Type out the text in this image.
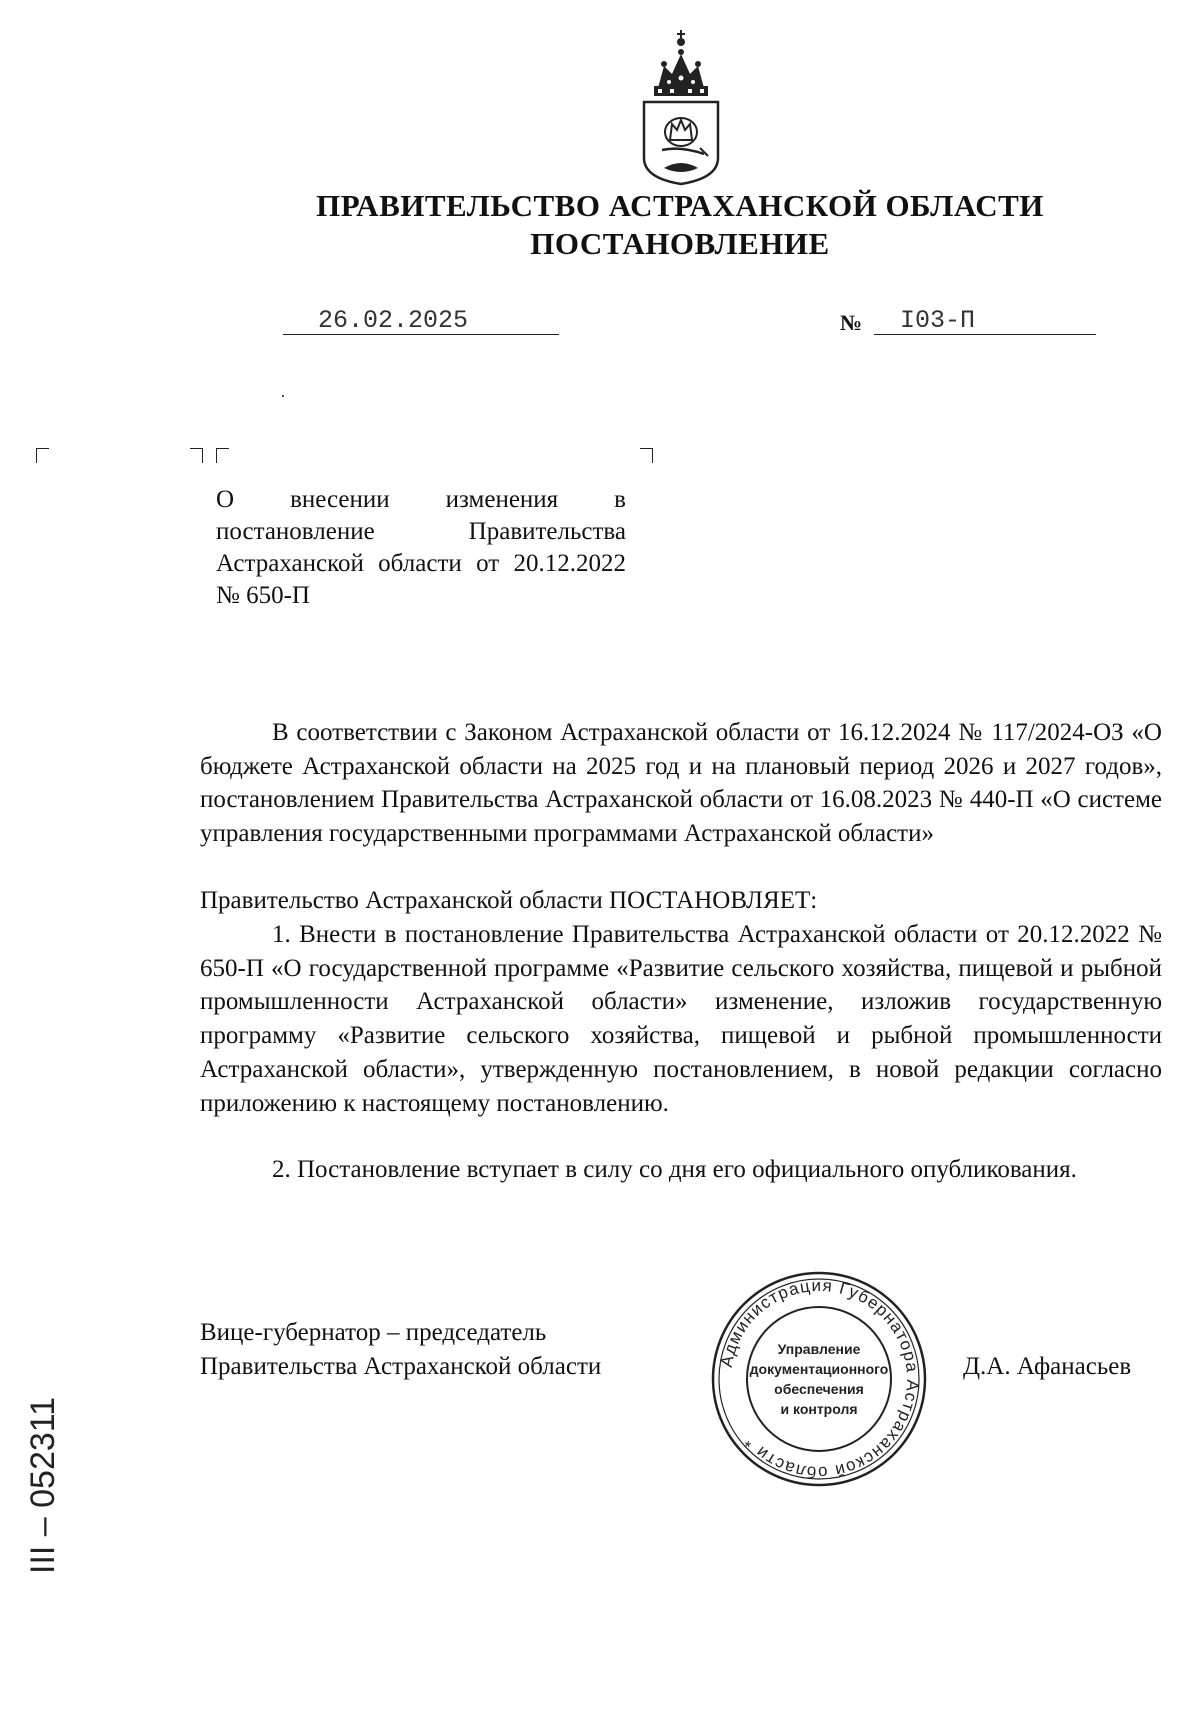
ПРАВИТЕЛЬСТВО АСТРАХАНСКОЙ ОБЛАСТИ
ПОСТАНОВЛЕНИЕ
26.02.2025	№ I03-П
О внесении изменения в постановление Правительства Астраханской области от 20.12.2022 № 650-П
В соответствии с Законом Астраханской области от 16.12.2024 № 117/2024-ОЗ «О бюджете Астраханской области на 2025 год и на плановый период 2026 и 2027 годов», постановлением Правительства Астраханской области от 16.08.2023 № 440-П «О системе управления государственными программами Астраханской области»
Правительство Астраханской области ПОСТАНОВЛЯЕТ:
1. Внести в постановление Правительства Астраханской области от 20.12.2022 № 650-П «О государственной программе «Развитие сельского хозяйства, пищевой и рыбной промышленности Астраханской области» изменение, изложив государственную программу «Развитие сельского хозяйства, пищевой и рыбной промышленности Астраханской области», утвержденную постановлением, в новой редакции согласно приложению к настоящему постановлению.
2. Постановление вступает в силу со дня его официального опубликования.
Вице-губернатор – председатель
Правительства Астраханской области	Д.А. Афанасьев
Администрация Губернатора Астраханской области *
Управление
документационного
обеспечения
и контроля
ІІІ – 052311
